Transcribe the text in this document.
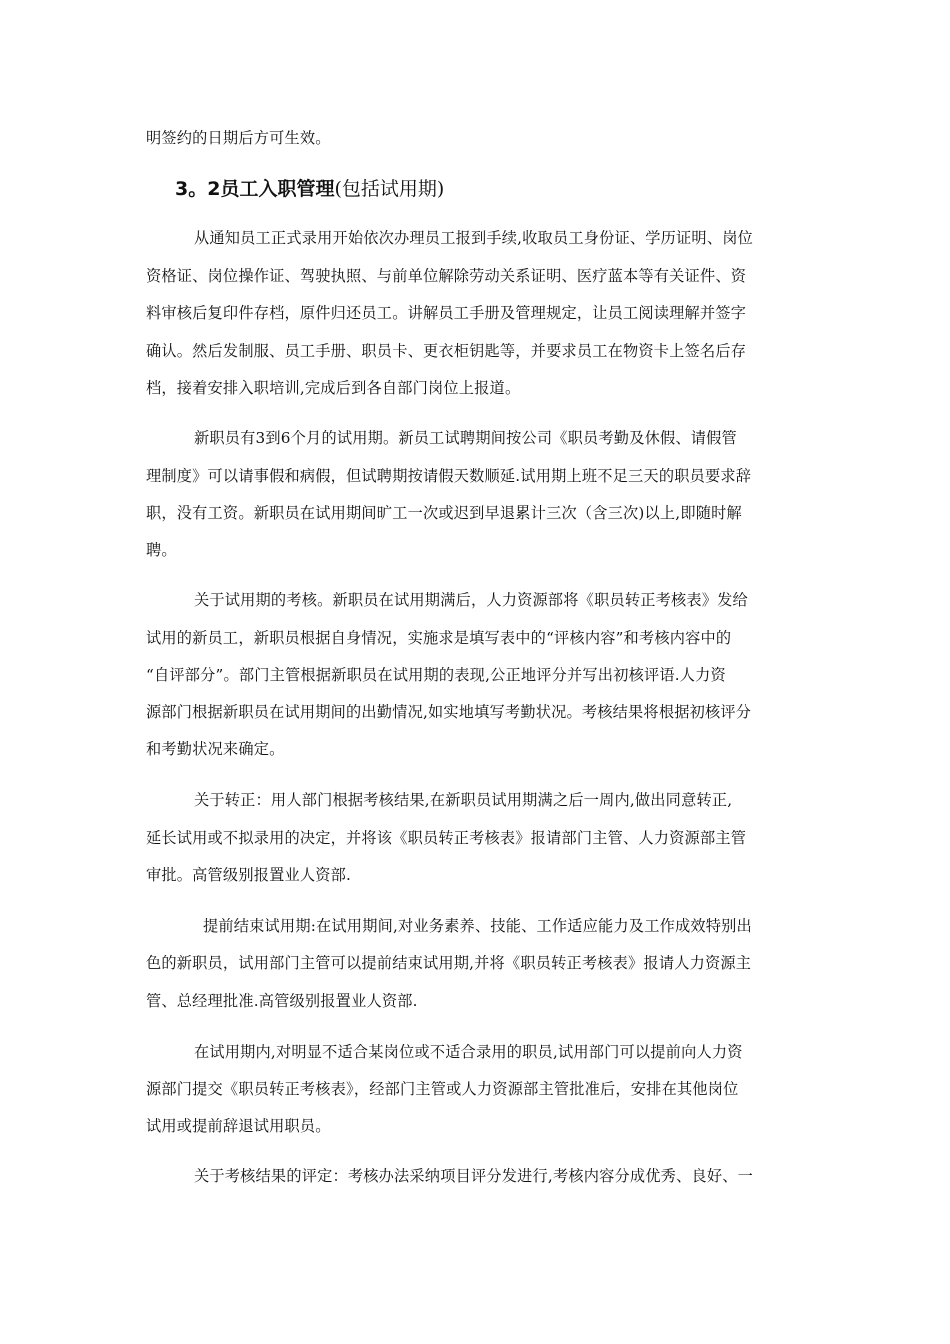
明签约的日期后方可生效。
3。2员工入职管理(包括试用期)
从通知员工正式录用开始依次办理员工报到手续,收取员工身份证、学历证明、岗位
资格证、岗位操作证、驾驶执照、与前单位解除劳动关系证明、医疗蓝本等有关证件、资
料审核后复印件存档，原件归还员工。讲解员工手册及管理规定，让员工阅读理解并签字
确认。然后发制服、员工手册、职员卡、更衣柜钥匙等，并要求员工在物资卡上签名后存
档，接着安排入职培训,完成后到各自部门岗位上报道。
新职员有3到6个月的试用期。新员工试聘期间按公司《职员考勤及休假、请假管
理制度》可以请事假和病假，但试聘期按请假天数顺延.试用期上班不足三天的职员要求辞
职，没有工资。新职员在试用期间旷工一次或迟到早退累计三次（含三次)以上,即随时解
聘。
关于试用期的考核。新职员在试用期满后，人力资源部将《职员转正考核表》发给
试用的新员工，新职员根据自身情况，实施求是填写表中的“评核内容”和考核内容中的
“自评部分”。部门主管根据新职员在试用期的表现,公正地评分并写出初核评语.人力资
源部门根据新职员在试用期间的出勤情况,如实地填写考勤状况。考核结果将根据初核评分
和考勤状况来确定。
关于转正：用人部门根据考核结果,在新职员试用期满之后一周内,做出同意转正,
延长试用或不拟录用的决定，并将该《职员转正考核表》报请部门主管、人力资源部主管
审批。高管级别报置业人资部.
提前结束试用期:在试用期间,对业务素养、技能、工作适应能力及工作成效特别出
色的新职员，试用部门主管可以提前结束试用期,并将《职员转正考核表》报请人力资源主
管、总经理批准.高管级别报置业人资部.
在试用期内,对明显不适合某岗位或不适合录用的职员,试用部门可以提前向人力资
源部门提交《职员转正考核表》，经部门主管或人力资源部主管批准后，安排在其他岗位
试用或提前辞退试用职员。
关于考核结果的评定：考核办法采纳项目评分发进行,考核内容分成优秀、良好、一
